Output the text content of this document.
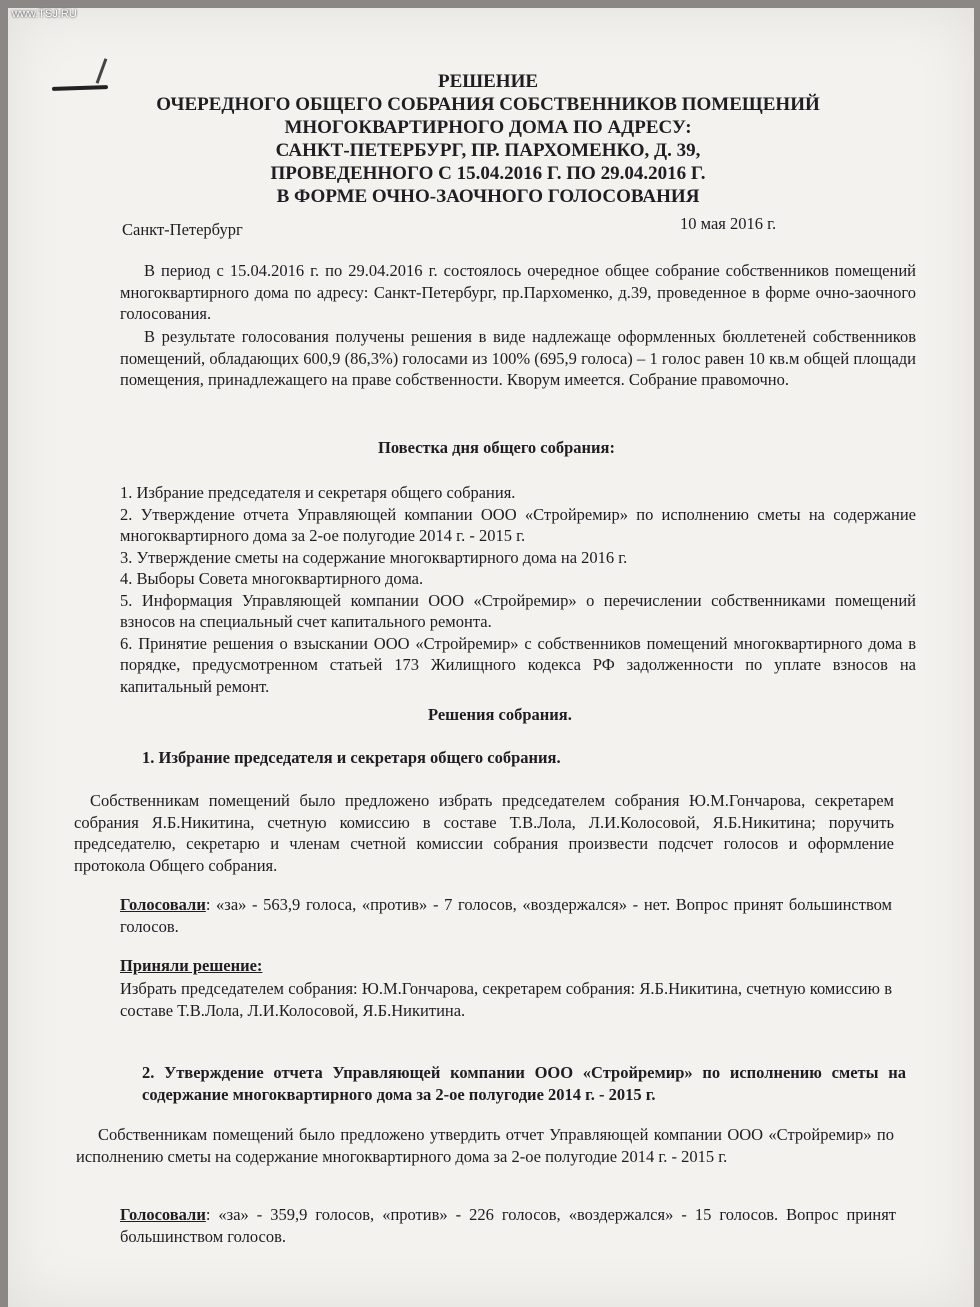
www.TSJ.RU
РЕШЕНИЕ
ОЧЕРЕДНОГО ОБЩЕГО СОБРАНИЯ СОБСТВЕННИКОВ ПОМЕЩЕНИЙ
МНОГОКВАРТИРНОГО ДОМА ПО АДРЕСУ:
САНКТ-ПЕТЕРБУРГ, ПР. ПАРХОМЕНКО, Д. 39,
ПРОВЕДЕННОГО С 15.04.2016 Г. ПО 29.04.2016 Г.
В ФОРМЕ ОЧНО-ЗАОЧНОГО ГОЛОСОВАНИЯ
Санкт-Петербург	10 мая 2016 г.
В период с 15.04.2016 г. по 29.04.2016 г. состоялось очередное общее собрание собственников помещений многоквартирного дома по адресу: Санкт-Петербург, пр.Пархоменко, д.39, проведенное в форме очно-заочного голосования.
В результате голосования получены решения в виде надлежаще оформленных бюллетеней собственников помещений, обладающих 600,9 (86,3%) голосами из 100% (695,9 голоса) – 1 голос равен 10 кв.м общей площади помещения, принадлежащего на праве собственности. Кворум имеется. Собрание правомочно.
Повестка дня общего собрания:
1. Избрание председателя и секретаря общего собрания.
2. Утверждение отчета Управляющей компании ООО «Стройремир» по исполнению сметы на содержание многоквартирного дома за 2-ое полугодие 2014 г. - 2015 г.
3. Утверждение сметы на содержание многоквартирного дома на 2016 г.
4. Выборы Совета многоквартирного дома.
5. Информация Управляющей компании ООО «Стройремир» о перечислении собственниками помещений взносов на специальный счет капитального ремонта.
6. Принятие решения о взыскании ООО «Стройремир» с собственников помещений многоквартирного дома в порядке, предусмотренном статьей 173 Жилищного кодекса РФ задолженности по уплате взносов на капитальный ремонт.
Решения собрания.
1. Избрание председателя и секретаря общего собрания.
Собственникам помещений было предложено избрать председателем собрания Ю.М.Гончарова, секретарем собрания Я.Б.Никитина, счетную комиссию в составе Т.В.Лола, Л.И.Колосовой, Я.Б.Никитина; поручить председателю, секретарю и членам счетной комиссии собрания произвести подсчет голосов и оформление протокола Общего собрания.
Голосовали: «за» - 563,9 голоса, «против» - 7 голосов, «воздержался» - нет. Вопрос принят большинством голосов.
Приняли решение:
Избрать председателем собрания: Ю.М.Гончарова, секретарем собрания: Я.Б.Никитина, счетную комиссию в составе Т.В.Лола, Л.И.Колосовой, Я.Б.Никитина.
2. Утверждение отчета Управляющей компании ООО «Стройремир» по исполнению сметы на содержание многоквартирного дома за 2-ое полугодие 2014 г. - 2015 г.
Собственникам помещений было предложено утвердить отчет Управляющей компании ООО «Стройремир» по исполнению сметы на содержание многоквартирного дома за 2-ое полугодие 2014 г. - 2015 г.
Голосовали: «за» - 359,9 голосов, «против» - 226 голосов, «воздержался» - 15 голосов. Вопрос принят большинством голосов.
